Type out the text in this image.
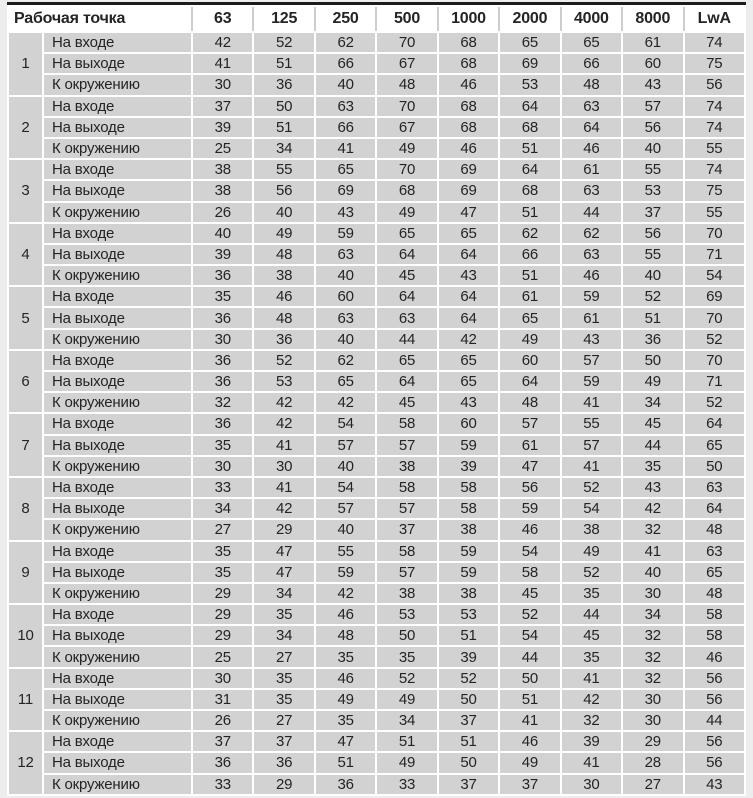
Рабочая точка		63	125	250	500	1000	2000	4000	8000	LwA
1	На входе	42	52	62	70	68	65	65	61	74
	На выходе	41	51	66	67	68	69	66	60	75
	К окружению	30	36	40	48	46	53	48	43	56
2	На входе	37	50	63	70	68	64	63	57	74
	На выходе	39	51	66	67	68	68	64	56	74
	К окружению	25	34	41	49	46	51	46	40	55
3	На входе	38	55	65	70	69	64	61	55	74
	На выходе	38	56	69	68	69	68	63	53	75
	К окружению	26	40	43	49	47	51	44	37	55
4	На входе	40	49	59	65	65	62	62	56	70
	На выходе	39	48	63	64	64	66	63	55	71
	К окружению	36	38	40	45	43	51	46	40	54
5	На входе	35	46	60	64	64	61	59	52	69
	На выходе	36	48	63	63	64	65	61	51	70
	К окружению	30	36	40	44	42	49	43	36	52
6	На входе	36	52	62	65	65	60	57	50	70
	На выходе	36	53	65	64	65	64	59	49	71
	К окружению	32	42	42	45	43	48	41	34	52
7	На входе	36	42	54	58	60	57	55	45	64
	На выходе	35	41	57	57	59	61	57	44	65
	К окружению	30	30	40	38	39	47	41	35	50
8	На входе	33	41	54	58	58	56	52	43	63
	На выходе	34	42	57	57	58	59	54	42	64
	К окружению	27	29	40	37	38	46	38	32	48
9	На входе	35	47	55	58	59	54	49	41	63
	На выходе	35	47	59	57	59	58	52	40	65
	К окружению	29	34	42	38	38	45	35	30	48
10	На входе	29	35	46	53	53	52	44	34	58
	На выходе	29	34	48	50	51	54	45	32	58
	К окружению	25	27	35	35	39	44	35	32	46
11	На входе	30	35	46	52	52	50	41	32	56
	На выходе	31	35	49	49	50	51	42	30	56
	К окружению	26	27	35	34	37	41	32	30	44
12	На входе	37	37	47	51	51	46	39	29	56
	На выходе	36	36	51	49	50	49	41	28	56
	К окружению	33	29	36	33	37	37	30	27	43
